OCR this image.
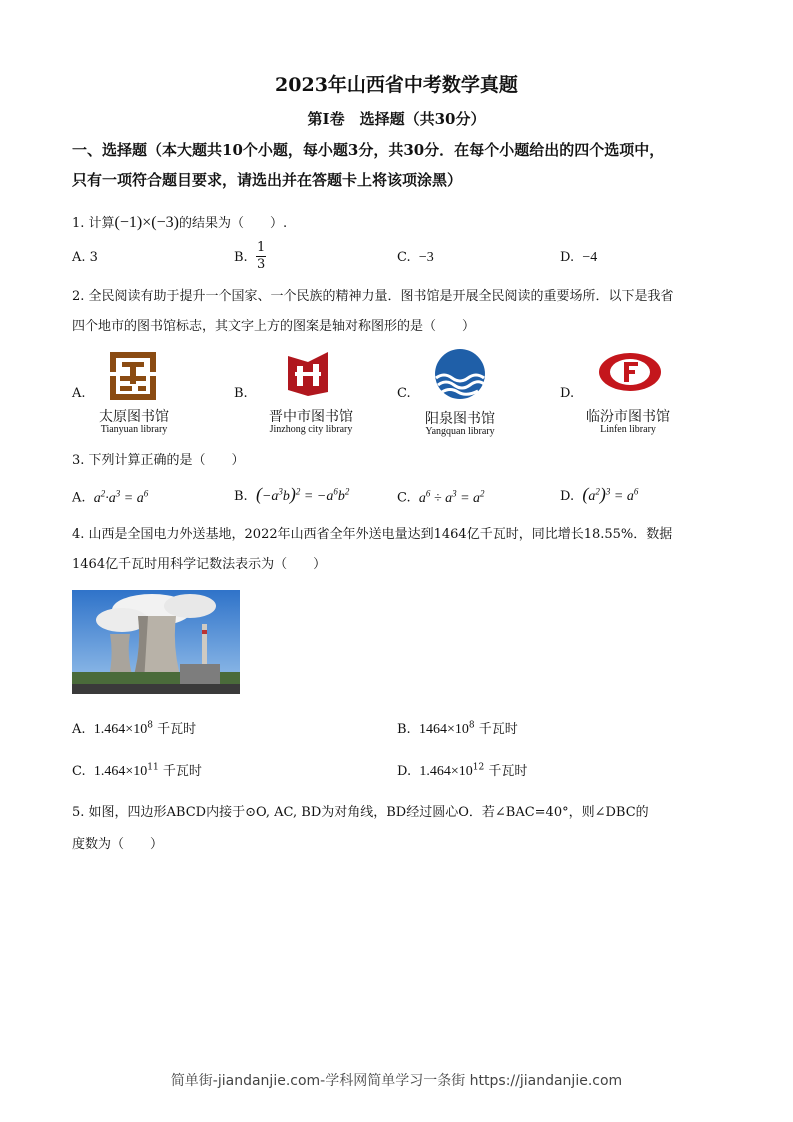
2023年山西省中考数学真题
第Ⅰ卷　选择题（共30分）
一、选择题（本大题共10个小题，每小题3分，共30分．在每个小题给出的四个选项中，
只有一项符合题目要求，请选出并在答题卡上将该项涂黑）
1. 计算(−1)×(−3)的结果为（　　）.
A. 3	B. $\frac{1}{3}$	C. −3	D. −4
2. 全民阅读有助于提升一个国家、一个民族的精神力量．图书馆是开展全民阅读的重要场所．以下是我省
四个地市的图书馆标志，其文字上方的图案是轴对称图形的是（　　）
A.
太原图书馆
Tianyuan library
B.
晋中市图书馆
Jinzhong city library
C.
阳泉图书馆
Yangquan library
D.
临汾市图书馆
Linfen library
3. 下列计算正确的是（　　）
A. $a^2\cdot a^3 = a^6$	B. $(-a^3b)^2 = -a^6b^2$	C. $a^6 \div a^3 = a^2$	D. $(a^2)^3 = a^6$
4. 山西是全国电力外送基地，2022年山西省全年外送电量达到1464亿千瓦时，同比增长18.55%．数据
1464亿千瓦时用科学记数法表示为（　　）
A. $1.464\times 10^8$ 千瓦时	B. $1464\times 10^8$ 千瓦时
C. $1.464\times 10^{11}$ 千瓦时	D. $1.464\times 10^{12}$ 千瓦时
5. 如图，四边形ABCD内接于⊙O, AC, BD为对角线，BD经过圆心O．若∠BAC=40°，则∠DBC的
度数为（　　）
简单街-jiandanjie.com-学科网简单学习一条街 https://jiandanjie.com
